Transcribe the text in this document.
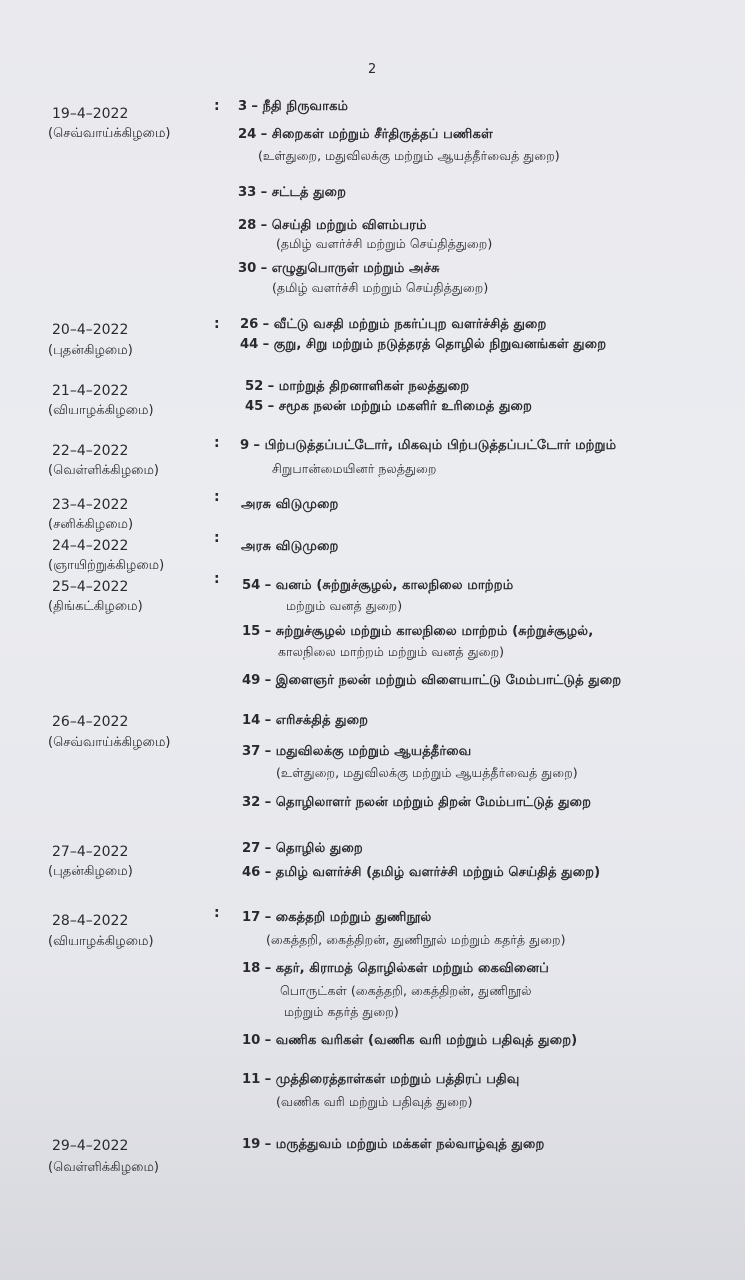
2
19–4–2022
(செவ்வாய்க்கிழமை)
: 3 – நீதி நிருவாகம்
24 – சிறைகள் மற்றும் சீர்திருத்தப் பணிகள்
(உள்துறை, மதுவிலக்கு மற்றும் ஆயத்தீர்வைத் துறை)
33 – சட்டத் துறை
28 – செய்தி மற்றும் விளம்பரம்
(தமிழ் வளர்ச்சி மற்றும் செய்தித்துறை)
30 – எழுதுபொருள் மற்றும் அச்சு
(தமிழ் வளர்ச்சி மற்றும் செய்தித்துறை)
20–4–2022
(புதன்கிழமை)
: 26 – வீட்டு வசதி மற்றும் நகர்ப்புற வளர்ச்சித் துறை
44 – குறு, சிறு மற்றும் நடுத்தரத் தொழில் நிறுவனங்கள் துறை
21–4–2022
(வியாழக்கிழமை)
52 – மாற்றுத் திறனாளிகள் நலத்துறை
45 – சமூக நலன் மற்றும் மகளிர் உரிமைத் துறை
22–4–2022
(வெள்ளிக்கிழமை)
: 9 – பிற்படுத்தப்பட்டோர், மிகவும் பிற்படுத்தப்பட்டோர் மற்றும்
சிறுபான்மையினர் நலத்துறை
23–4–2022
(சனிக்கிழமை)
: அரசு விடுமுறை
24–4–2022
(ஞாயிற்றுக்கிழமை)
:
அரசு விடுமுறை
25–4–2022
(திங்கட்கிழமை)
: 54 – வனம் (சுற்றுச்சூழல், காலநிலை மாற்றம்
மற்றும் வனத் துறை)
15 – சுற்றுச்சூழல் மற்றும் காலநிலை மாற்றம் (சுற்றுச்சூழல்,
காலநிலை மாற்றம் மற்றும் வனத் துறை)
49 – இளைஞர் நலன் மற்றும் விளையாட்டு மேம்பாட்டுத் துறை
26–4–2022
(செவ்வாய்க்கிழமை)
14 – எரிசக்தித் துறை
37 – மதுவிலக்கு மற்றும் ஆயத்தீர்வை
(உள்துறை, மதுவிலக்கு மற்றும் ஆயத்தீர்வைத் துறை)
32 – தொழிலாளர் நலன் மற்றும் திறன் மேம்பாட்டுத் துறை
27–4–2022
(புதன்கிழமை)
27 – தொழில் துறை
46 – தமிழ் வளர்ச்சி (தமிழ் வளர்ச்சி மற்றும் செய்தித் துறை)
28–4–2022
(வியாழக்கிழமை)
: 17 – கைத்தறி மற்றும் துணிநூல்
(கைத்தறி, கைத்திறன், துணிநூல் மற்றும் கதர்த் துறை)
18 – கதர், கிராமத் தொழில்கள் மற்றும் கைவினைப்
பொருட்கள் (கைத்தறி, கைத்திறன், துணிநூல்
மற்றும் கதர்த் துறை)
10 – வணிக வரிகள் (வணிக வரி மற்றும் பதிவுத் துறை)
11 – முத்திரைத்தாள்கள் மற்றும் பத்திரப் பதிவு
(வணிக வரி மற்றும் பதிவுத் துறை)
29–4–2022
(வெள்ளிக்கிழமை)
19 – மருத்துவம் மற்றும் மக்கள் நல்வாழ்வுத் துறை
